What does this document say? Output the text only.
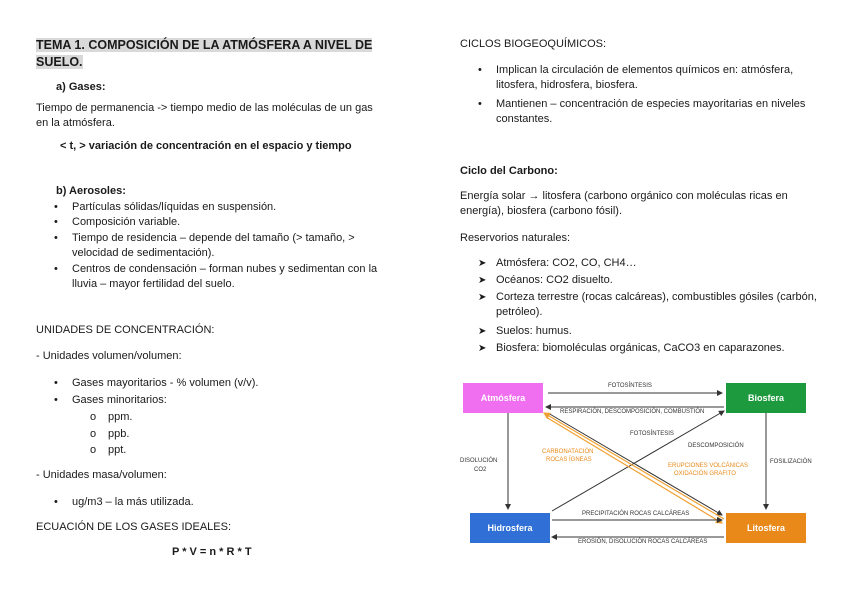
TEMA 1. COMPOSICIÓN DE LA ATMÓSFERA A NIVEL DE SUELO.
a) Gases:
Tiempo de permanencia -> tiempo medio de las moléculas de un gas en la atmósfera.
< t, > variación de concentración en el espacio y tiempo
b) Aerosoles:
• Partículas sólidas/líquidas en suspensión.
• Composición variable.
• Tiempo de residencia – depende del tamaño (> tamaño, > velocidad de sedimentación).
• Centros de condensación – forman nubes y sedimentan con la lluvia – mayor fertilidad del suelo.
UNIDADES DE CONCENTRACIÓN:
- Unidades volumen/volumen:
• Gases mayoritarios - % volumen (v/v).
• Gases minoritarios:
o ppm.
o ppb.
o ppt.
- Unidades masa/volumen:
• ug/m3 – la más utilizada.
ECUACIÓN DE LOS GASES IDEALES:
P * V = n * R * T
CICLOS BIOGEOQUÍMICOS:
• Implican la circulación de elementos químicos en: atmósfera, litosfera, hidrosfera, biosfera.
• Mantienen – concentración de especies mayoritarias en niveles constantes.
Ciclo del Carbono:
Energía solar → litosfera (carbono orgánico con moléculas ricas en energía), biosfera (carbono fósil).
Reservorios naturales:
➤ Atmósfera: CO2, CO, CH4…
➤ Océanos: CO2 disuelto.
➤ Corteza terrestre (rocas calcáreas), combustibles gósiles (carbón, petróleo).
➤ Suelos: humus.
➤ Biosfera: biomoléculas orgánicas, CaCO3 en caparazones.
Atmósfera	Biosfera
Hidrosfera	Litosfera
FOTOSÍNTESIS
RESPIRACIÓN, DESCOMPOSICIÓN, COMBUSTIÓN
FOTOSÍNTESIS
DESCOMPOSICIÓN
CARBONATACIÓN
ROCAS ÍGNEAS
ERUPCIONES VOLCÁNICAS
OXIDACIÓN GRAFITO
DISOLUCIÓN
CO2
FOSILIZACIÓN
PRECIPITACIÓN ROCAS CALCÁREAS
EROSIÓN, DISOLUCIÓN ROCAS CALCÁREAS
